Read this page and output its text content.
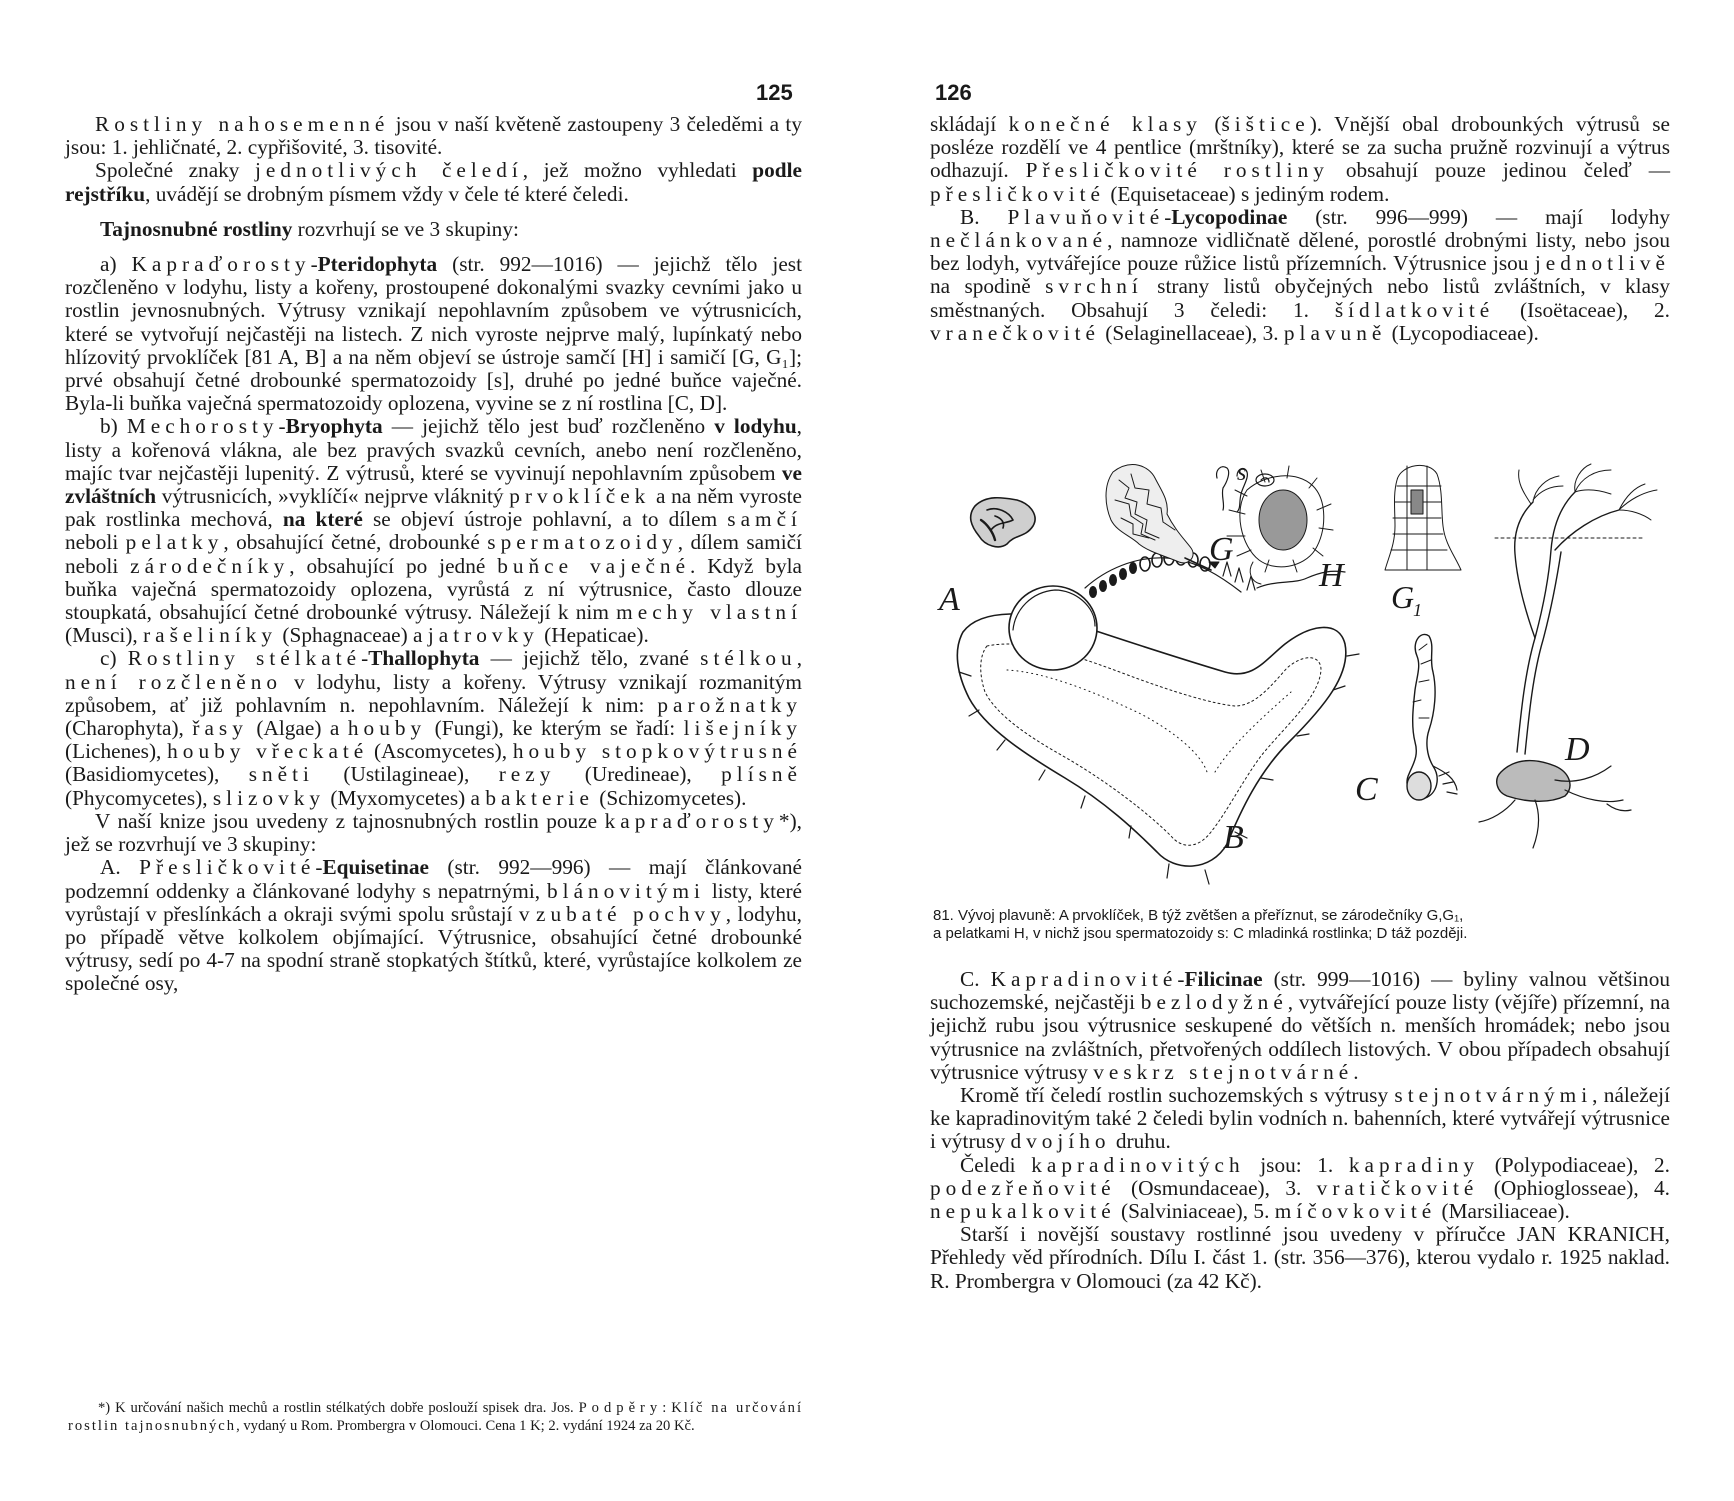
125

Rostliny nahosemenné jsou v naší květeně zastoupeny 3 čeleděmi a ty jsou: 1. jehličnaté, 2. cypřišovité, 3. tisovité.

Společné znaky jednotlivých čeledí, jež možno vyhledati podle rejstříku, uvádějí se drobným písmem vždy v čele té které čeledi.

Tajnosnubné rostliny rozvrhují se ve 3 skupiny:

a) Kapraďorosty-Pteridophyta (str. 992—1016) — jejichž tělo jest rozčleněno v lodyhu, listy a kořeny, prostoupené dokonalými svazky cevními jako u rostlin jevnosnubných. Výtrusy vznikají nepohlavním způsobem ve výtrusnicích, které se vytvořují nejčastěji na listech. Z nich vyroste nejprve malý, lupínkatý nebo hlízovitý prvoklíček [81 A, B] a na něm objeví se ústroje samčí [H] i samičí [G, G₁]; prvé obsahují četné drobounké spermatozoidy [s], druhé po jedné buňce vaječné. Byla-li buňka vaječná spermatozoidy oplozena, vyvine se z ní rostlina [C, D].

b) Mechorosty-Bryophyta — jejichž tělo jest buď rozčleněno v lodyhu, listy a kořenová vlákna, ale bez pravých svazků cevních, anebo není rozčleněno, majíc tvar nejčastěji lupenitý. Z výtrusů, které se vyvinují nepohlavním způsobem ve zvláštních výtrusnicích, »vyklíčí« nejprve vláknitý prvoklíček a na něm vyroste pak rostlinka mechová, na které se objeví ústroje pohlavní, a to dílem samčí neboli pelatky, obsahující četné, drobounké spermatozoidy, dílem samičí neboli zárodečníky, obsahující po jedné buňce vaječné. Když byla buňka vaječná spermatozoidy oplozena, vyrůstá z ní výtrusnice, často dlouze stoupkatá, obsahující četné drobounké výtrusy. Náležejí k nim mechy vlastní (Musci), rašeliníky (Sphagnaceae) a jatrovky (Hepaticae).

c) Rostliny stélkaté-Thallophyta — jejichž tělo, zvané stélkou, není rozčleněno v lodyhu, listy a kořeny. Výtrusy vznikají rozmanitým způsobem, ať již pohlavním n. nepohlavním. Náležejí k nim: parožnatky (Charophyta), řasy (Algae) a houby (Fungi), ke kterým se řadí: lišejníky (Lichenes), houby vřeckaté (Ascomycetes), houby stopkovýtrusné (Basidiomycetes), sněti (Ustilagineae), rezy (Uredineae), plísně (Phycomycetes), slizovky (Myxomycetes) a bakterie (Schizomycetes).

V naší knize jsou uvedeny z tajnosnubných rostlin pouze kapraďorosty*), jež se rozvrhují ve 3 skupiny:

A. Přesličkovité-Equisetinae (str. 992—996) — mají článkované podzemní oddenky a článkované lodyhy s nepatrnými, blánovitými listy, které vyrůstají v přeslínkách a okraji svými spolu srůstají v zubaté pochvy, lodyhu, po případě větve kolkolem objímající. Výtrusnice, obsahující četné drobounké výtrusy, sedí po 4-7 na spodní straně stopkatých štítků, které, vyrůstajíce kolkolem ze společné osy,

*) K určování našich mechů a rostlin stélkatých dobře poslouží spisek dra. Jos. Podpěry: Klíč na určování rostlin tajnosnubných, vydaný u Rom. Prombergra v Olomouci. Cena 1 K; 2. vydání 1924 za 20 Kč.

126

skládají konečné klasy (šištice). Vnější obal drobounkých výtrusů se posléze rozdělí ve 4 pentlice (mrštníky), které se za sucha pružně rozvinují a výtrus odhazují. Přesličkovité rostliny obsahují pouze jedinou čeleď — přesličkovité (Equisetaceae) s jediným rodem.

B. Plavuňovité-Lycopodinae (str. 996—999) — mají lodyhy nečlánkované, namnoze vidličnatě dělené, porostlé drobnými listy, nebo jsou bez lodyh, vytvářejíce pouze růžice listů přízemních. Výtrusnice jsou jednotlivě na spodině svrchní strany listů obyčejných nebo listů zvláštních, v klasy směstnaných. Obsahují 3 čeledi: 1. šídlatkovité (Isoëtaceae), 2. vranečkovité (Selaginellaceae), 3. plavuně (Lycopodiaceae).

A
B
C
D
G
G
1
H
s

81. Vývoj plavuně: A prvoklíček, B týž zvětšen a přeříznut, se zárodečníky G,G₁,

a pelatkami H, v nichž jsou spermatozoidy s: C mladinká rostlinka; D táž později.

C. Kapradinovité-Filicinae (str. 999—1016) — byliny valnou většinou suchozemské, nejčastěji bezlodyžné, vytvářející pouze listy (vějíře) přízemní, na jejichž rubu jsou výtrusnice seskupené do větších n. menších hromádek; nebo jsou výtrusnice na zvláštních, přetvořených oddílech listových. V obou případech obsahují výtrusnice výtrusy veskrz stejnotvárné.

Kromě tří čeledí rostlin suchozemských s výtrusy stejnotvárnými, náležejí ke kapradinovitým také 2 čeledi bylin vodních n. bahenních, které vytvářejí výtrusnice i výtrusy dvojího druhu.

Čeledi kapradinovitých jsou: 1. kapradiny (Polypodiaceae), 2. podezřeňovité (Osmundaceae), 3. vratičkovité (Ophioglosseae), 4. nepukalkovité (Salviniaceae), 5. míčovkovité (Marsiliaceae).

Starší i novější soustavy rostlinné jsou uvedeny v příručce JAN KRANICH, Přehledy věd přírodních. Dílu I. část 1. (str. 356—376), kterou vydalo r. 1925 naklad. R. Prombergra v Olomouci (za 42 Kč).
